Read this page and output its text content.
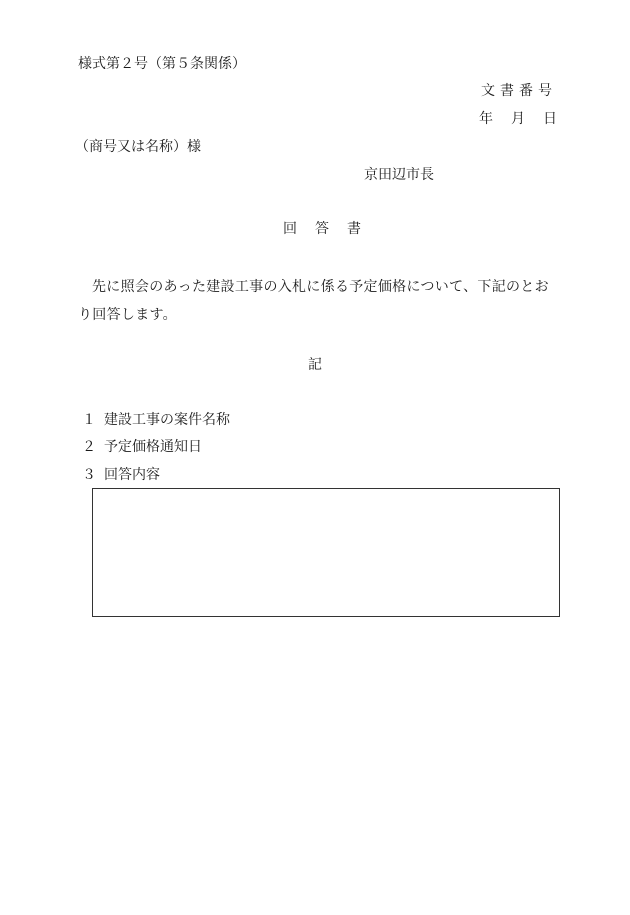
様式第２号（第５条関係）
文書番号
年 月 日
（商号又は名称）様
京田辺市長
回 答 書
先に照会のあった建設工事の入札に係る予定価格について、下記のとおり回答します。
記
１ 建設工事の案件名称
２ 予定価格通知日
３ 回答内容
